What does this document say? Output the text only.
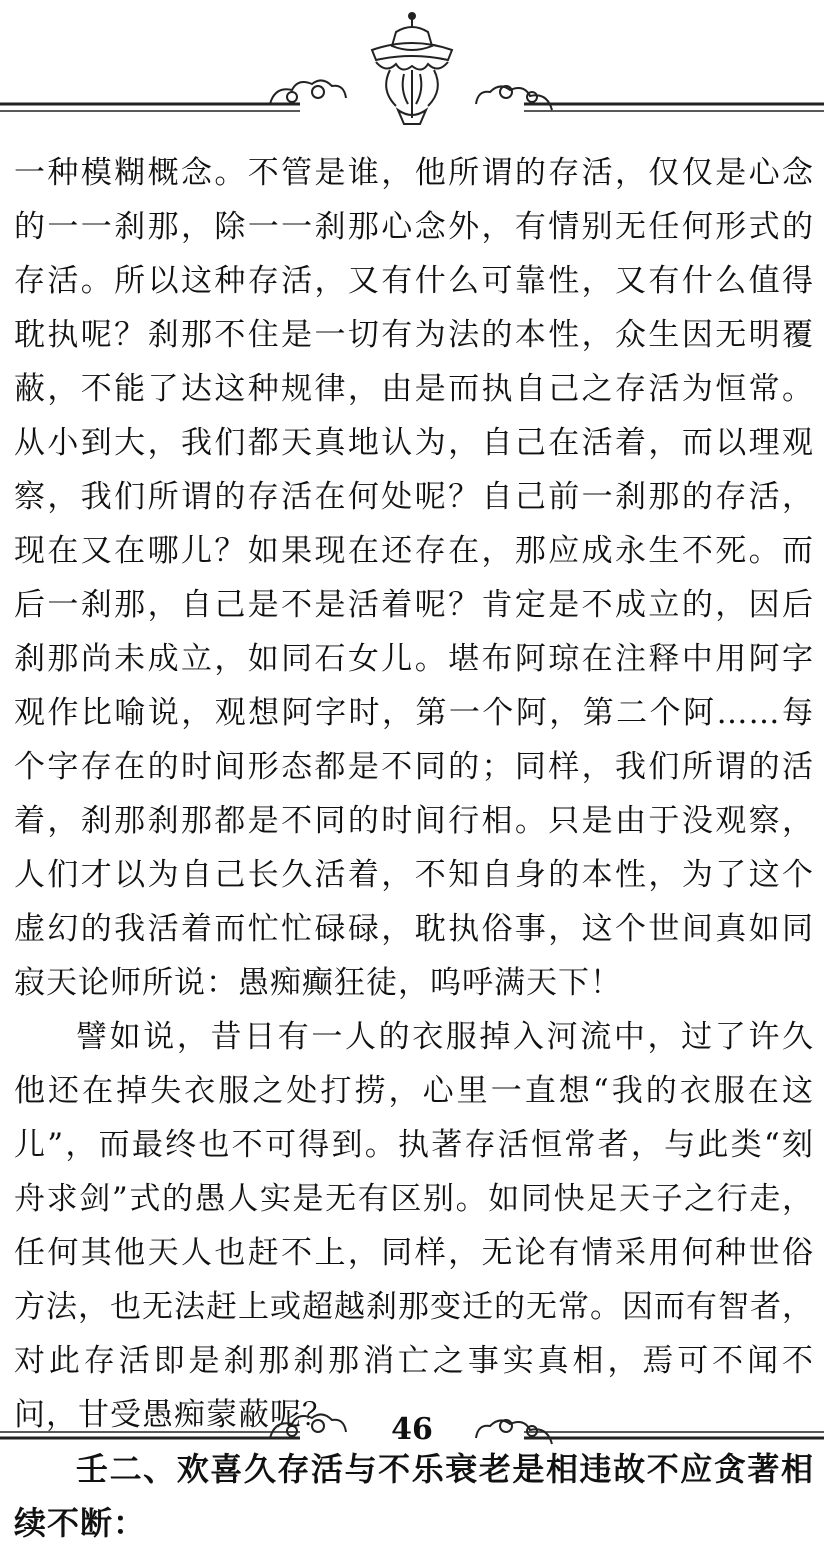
一种模糊概念。不管是谁，他所谓的存活，仅仅是心念
的一一刹那，除一一刹那心念外，有情别无任何形式的
存活。所以这种存活，又有什么可靠性，又有什么值得
耽执呢？刹那不住是一切有为法的本性，众生因无明覆
蔽，不能了达这种规律，由是而执自己之存活为恒常。
从小到大，我们都天真地认为，自己在活着，而以理观
察，我们所谓的存活在何处呢？自己前一刹那的存活，
现在又在哪儿？如果现在还存在，那应成永生不死。而
后一刹那，自己是不是活着呢？肯定是不成立的，因后
刹那尚未成立，如同石女儿。堪布阿琼在注释中用阿字
观作比喻说，观想阿字时，第一个阿，第二个阿……每
个字存在的时间形态都是不同的；同样，我们所谓的活
着，刹那刹那都是不同的时间行相。只是由于没观察，
人们才以为自己长久活着，不知自身的本性，为了这个
虚幻的我活着而忙忙碌碌，耽执俗事，这个世间真如同
寂天论师所说：愚痴癫狂徒，呜呼满天下！
譬如说，昔日有一人的衣服掉入河流中，过了许久
他还在掉失衣服之处打捞，心里一直想“我的衣服在这
儿”，而最终也不可得到。执著存活恒常者，与此类“刻
舟求剑”式的愚人实是无有区别。如同快足天子之行走，
任何其他天人也赶不上，同样，无论有情采用何种世俗
方法，也无法赶上或超越刹那变迁的无常。因而有智者，
对此存活即是刹那刹那消亡之事实真相，焉可不闻不
问，甘受愚痴蒙蔽呢？
壬二、欢喜久存活与不乐衰老是相违故不应贪著相
续不断：
46
